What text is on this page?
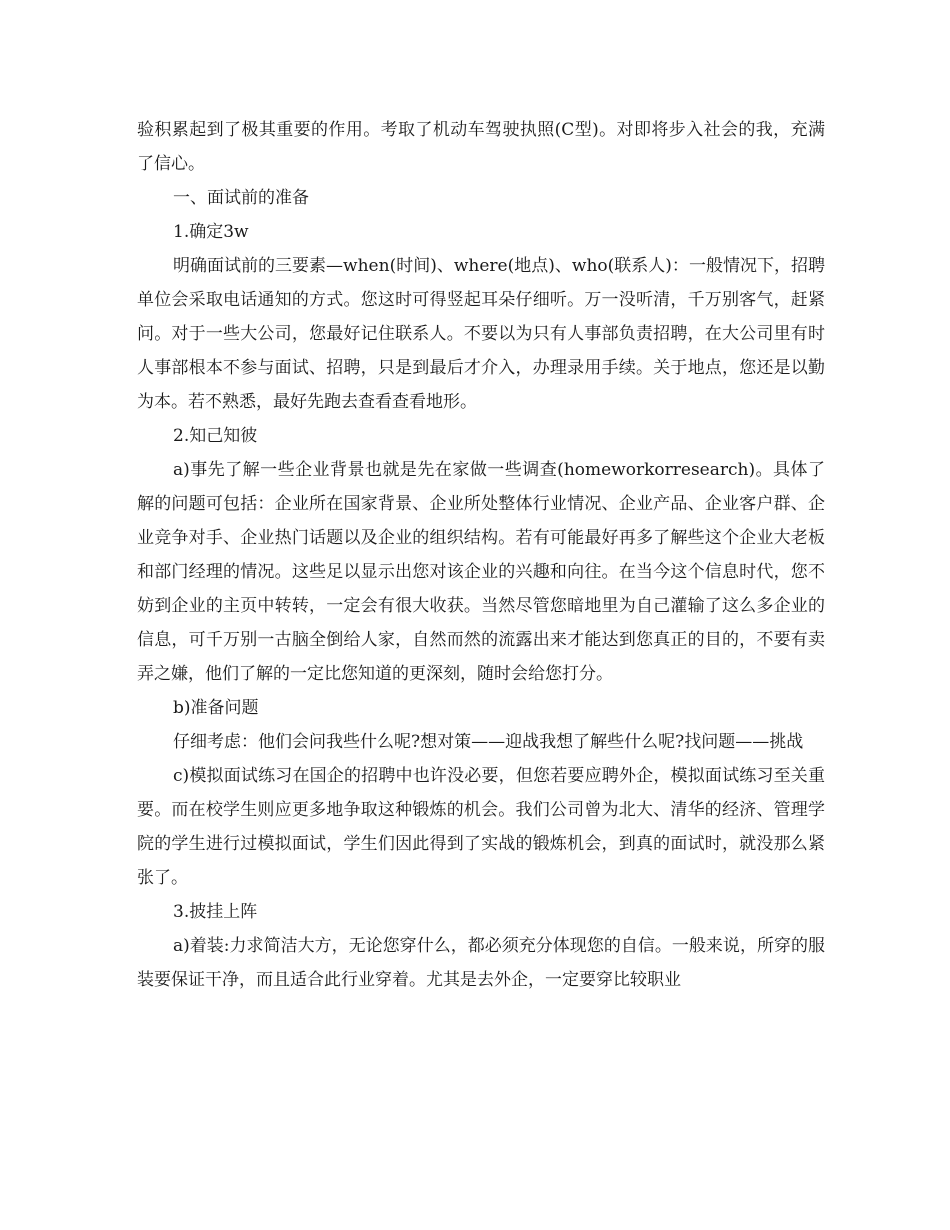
验积累起到了极其重要的作用。考取了机动车驾驶执照(C型)。对即将步入社会的我，充满了信心。

一、面试前的准备

1.确定3w

明确面试前的三要素—when(时间)、where(地点)、who(联系人)：一般情况下，招聘单位会采取电话通知的方式。您这时可得竖起耳朵仔细听。万一没听清，千万别客气，赶紧问。对于一些大公司，您最好记住联系人。不要以为只有人事部负责招聘，在大公司里有时人事部根本不参与面试、招聘，只是到最后才介入，办理录用手续。关于地点，您还是以勤为本。若不熟悉，最好先跑去查看查看地形。

2.知己知彼

a)事先了解一些企业背景也就是先在家做一些调查(homeworkorresearch)。具体了解的问题可包括：企业所在国家背景、企业所处整体行业情况、企业产品、企业客户群、企业竞争对手、企业热门话题以及企业的组织结构。若有可能最好再多了解些这个企业大老板和部门经理的情况。这些足以显示出您对该企业的兴趣和向往。在当今这个信息时代，您不妨到企业的主页中转转，一定会有很大收获。当然尽管您暗地里为自己灌输了这么多企业的信息，可千万别一古脑全倒给人家，自然而然的流露出来才能达到您真正的目的，不要有卖弄之嫌，他们了解的一定比您知道的更深刻，随时会给您打分。

b)准备问题

仔细考虑：他们会问我些什么呢?想对策——迎战我想了解些什么呢?找问题——挑战

c)模拟面试练习在国企的招聘中也许没必要，但您若要应聘外企，模拟面试练习至关重要。而在校学生则应更多地争取这种锻炼的机会。我们公司曾为北大、清华的经济、管理学院的学生进行过模拟面试，学生们因此得到了实战的锻炼机会，到真的面试时，就没那么紧张了。

3.披挂上阵

a)着装:力求简洁大方，无论您穿什么，都必须充分体现您的自信。一般来说，所穿的服装要保证干净，而且适合此行业穿着。尤其是去外企，一定要穿比较职业
